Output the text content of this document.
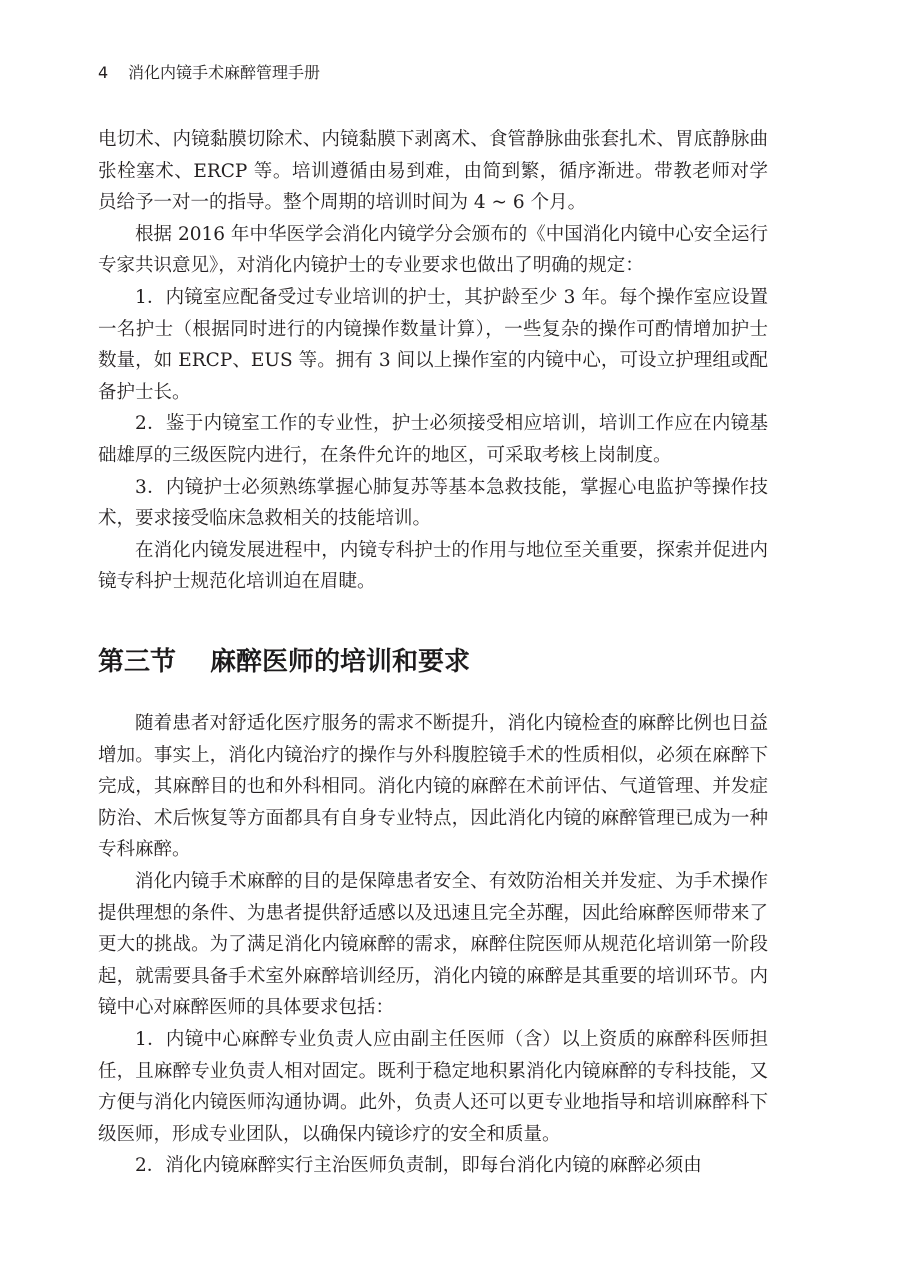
4 消化内镜手术麻醉管理手册

电切术、内镜黏膜切除术、内镜黏膜下剥离术、食管静脉曲张套扎术、胃底静脉曲张栓塞术、ERCP 等。培训遵循由易到难，由简到繁，循序渐进。带教老师对学员给予一对一的指导。整个周期的培训时间为 4 ~ 6 个月。

根据 2016 年中华医学会消化内镜学分会颁布的《中国消化内镜中心安全运行专家共识意见》，对消化内镜护士的专业要求也做出了明确的规定：

1．内镜室应配备受过专业培训的护士，其护龄至少 3 年。每个操作室应设置一名护士（根据同时进行的内镜操作数量计算），一些复杂的操作可酌情增加护士数量，如 ERCP、EUS 等。拥有 3 间以上操作室的内镜中心，可设立护理组或配备护士长。

2．鉴于内镜室工作的专业性，护士必须接受相应培训，培训工作应在内镜基础雄厚的三级医院内进行，在条件允许的地区，可采取考核上岗制度。

3．内镜护士必须熟练掌握心肺复苏等基本急救技能，掌握心电监护等操作技术，要求接受临床急救相关的技能培训。

在消化内镜发展进程中，内镜专科护士的作用与地位至关重要，探索并促进内镜专科护士规范化培训迫在眉睫。

第三节 麻醉医师的培训和要求

随着患者对舒适化医疗服务的需求不断提升，消化内镜检查的麻醉比例也日益增加。事实上，消化内镜治疗的操作与外科腹腔镜手术的性质相似，必须在麻醉下完成，其麻醉目的也和外科相同。消化内镜的麻醉在术前评估、气道管理、并发症防治、术后恢复等方面都具有自身专业特点，因此消化内镜的麻醉管理已成为一种专科麻醉。

消化内镜手术麻醉的目的是保障患者安全、有效防治相关并发症、为手术操作提供理想的条件、为患者提供舒适感以及迅速且完全苏醒，因此给麻醉医师带来了更大的挑战。为了满足消化内镜麻醉的需求，麻醉住院医师从规范化培训第一阶段起，就需要具备手术室外麻醉培训经历，消化内镜的麻醉是其重要的培训环节。内镜中心对麻醉医师的具体要求包括：

1．内镜中心麻醉专业负责人应由副主任医师（含）以上资质的麻醉科医师担任，且麻醉专业负责人相对固定。既利于稳定地积累消化内镜麻醉的专科技能，又方便与消化内镜医师沟通协调。此外，负责人还可以更专业地指导和培训麻醉科下级医师，形成专业团队，以确保内镜诊疗的安全和质量。

2．消化内镜麻醉实行主治医师负责制，即每台消化内镜的麻醉必须由
